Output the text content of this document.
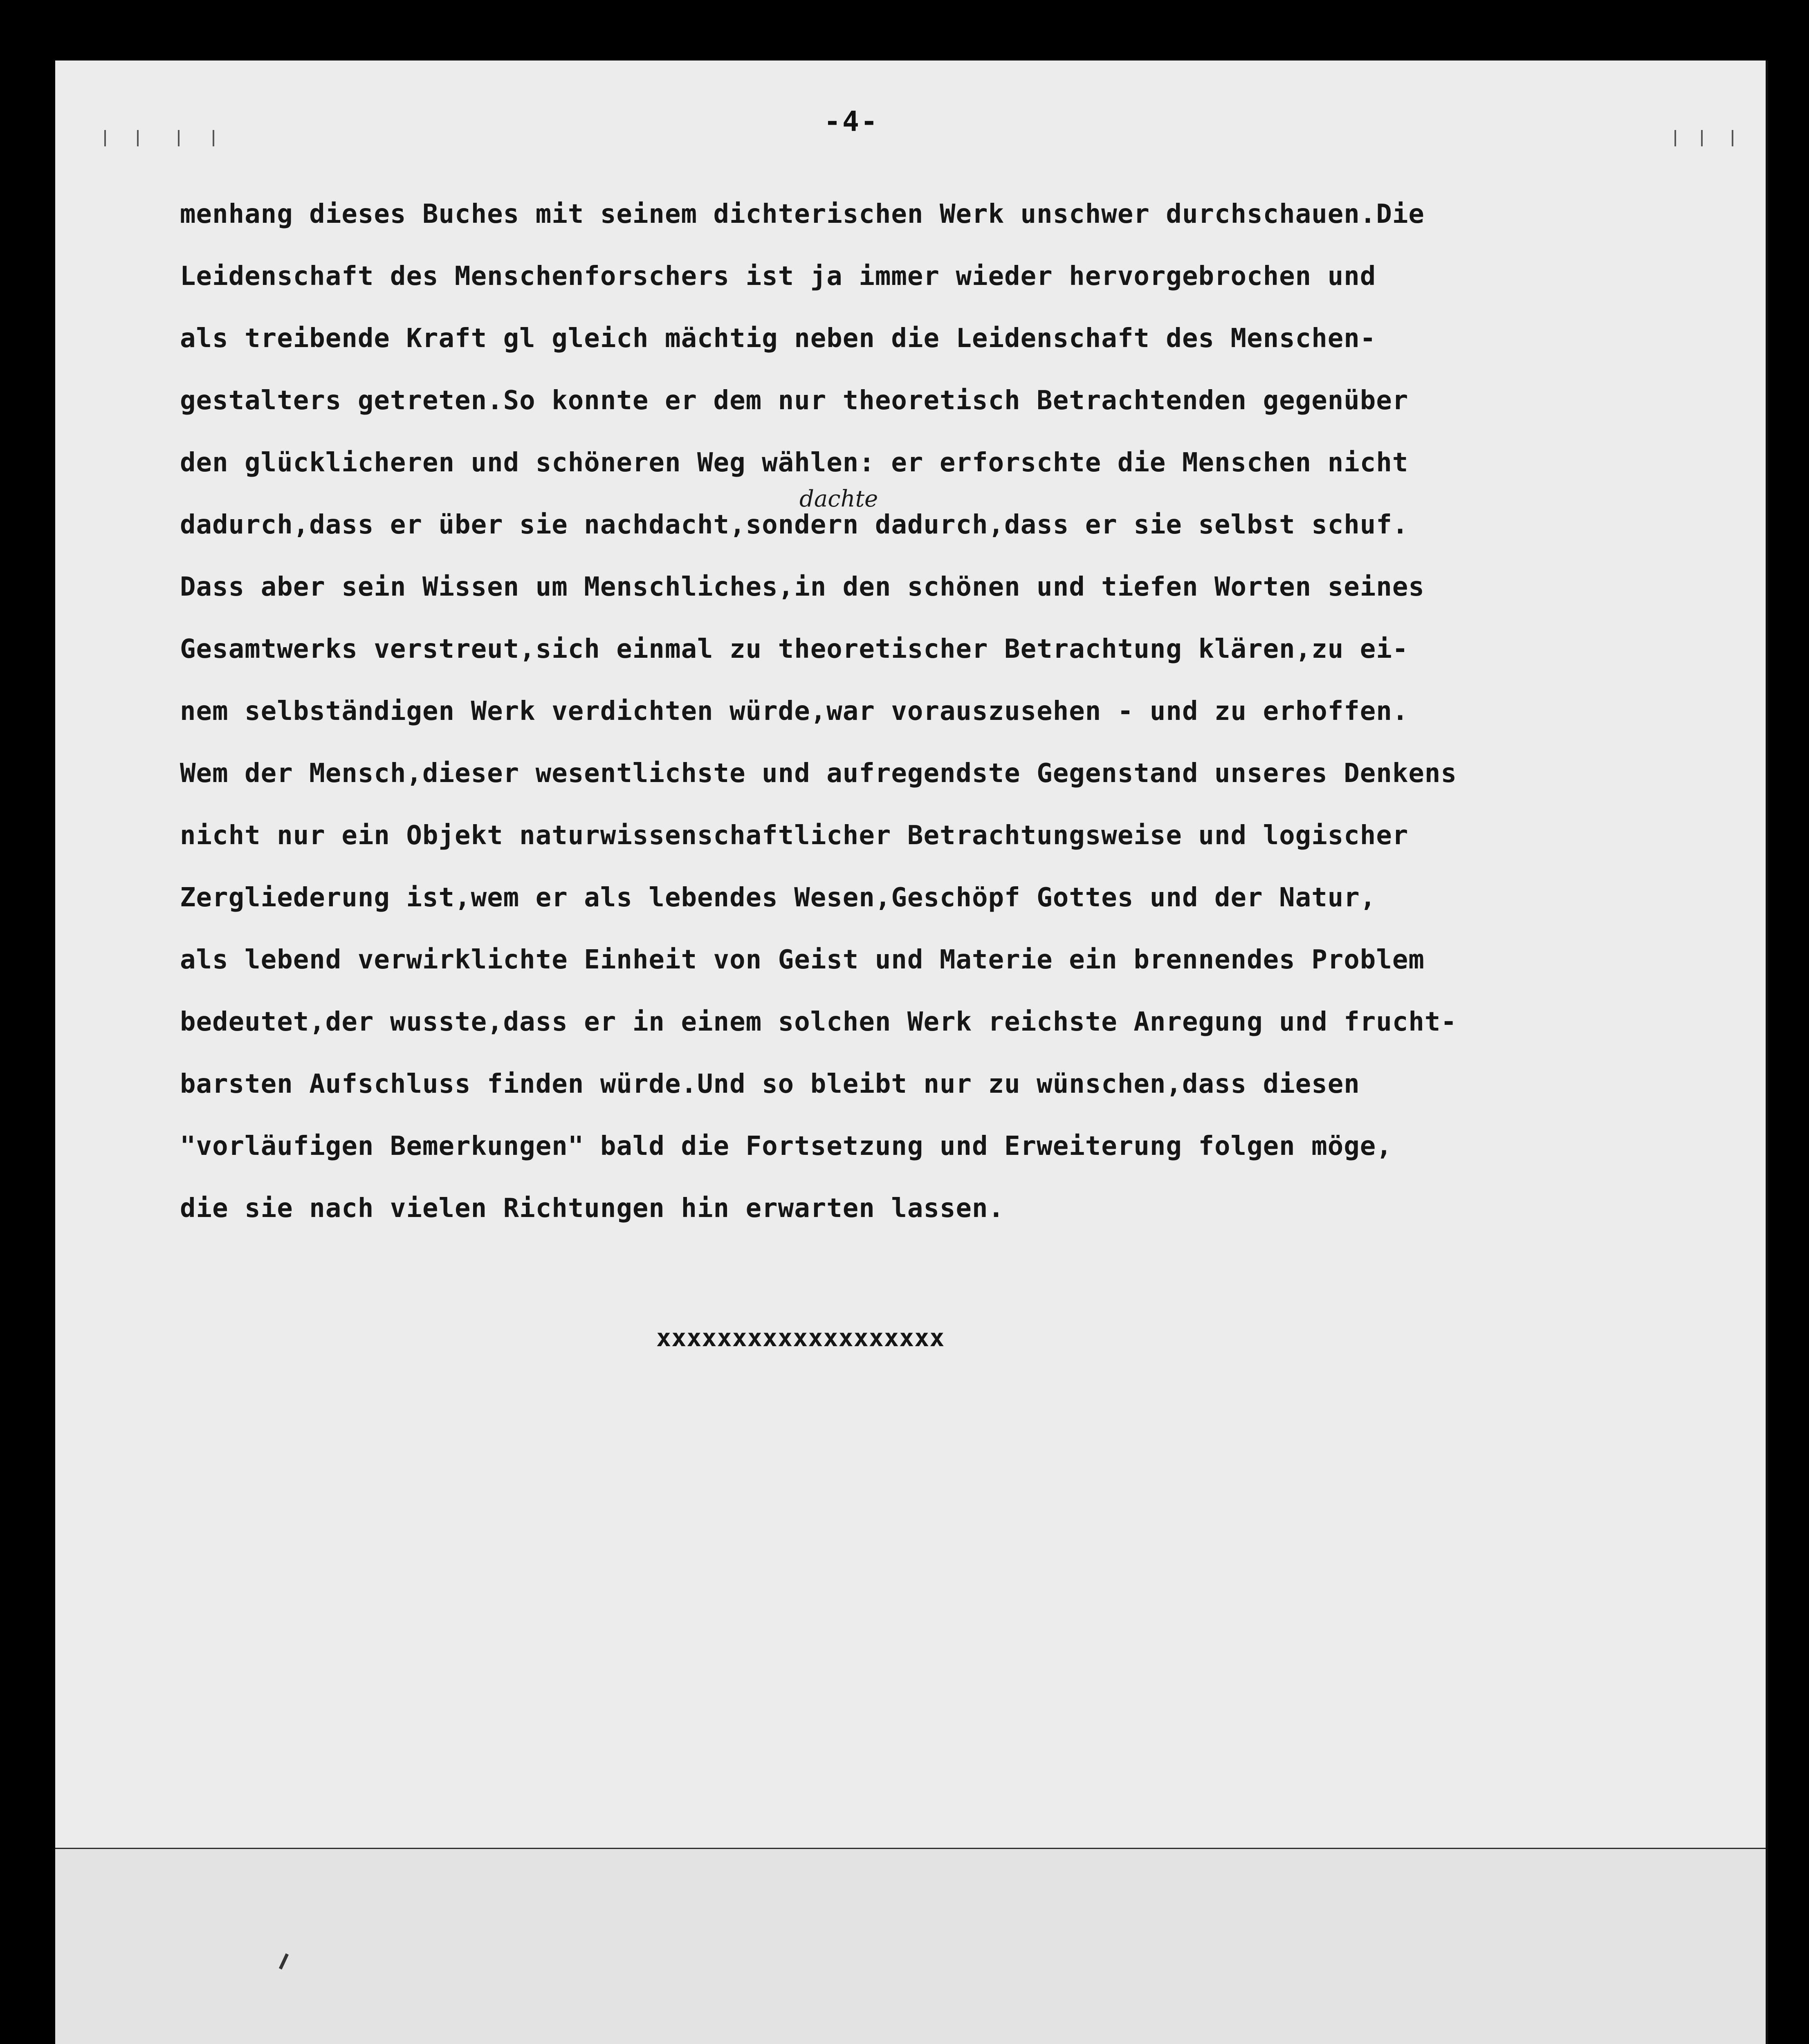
-4-
dachte
menhang dieses Buches mit seinem dichterischen Werk unschwer durchschauen.Die
Leidenschaft des Menschenforschers ist ja immer wieder hervorgebrochen und
als treibende Kraft gl gleich mächtig neben die Leidenschaft des Menschen-
gestalters getreten.So konnte er dem nur theoretisch Betrachtenden gegenüber
den glücklicheren und schöneren Weg wählen: er erforschte die Menschen nicht
dadurch,dass er über sie nachdacht,sondern dadurch,dass er sie selbst schuf.
Dass aber sein Wissen um Menschliches,in den schönen und tiefen Worten seines
Gesamtwerks verstreut,sich einmal zu theoretischer Betrachtung klären,zu ei-
nem selbständigen Werk verdichten würde,war vorauszusehen - und zu erhoffen.
Wem der Mensch,dieser wesentlichste und aufregendste Gegenstand unseres Denkens
nicht nur ein Objekt naturwissenschaftlicher Betrachtungsweise und logischer
Zergliederung ist,wem er als lebendes Wesen,Geschöpf Gottes und der Natur,
als lebend verwirklichte Einheit von Geist und Materie ein brennendes Problem
bedeutet,der wusste,dass er in einem solchen Werk reichste Anregung und frucht-
barsten Aufschluss finden würde.Und so bleibt nur zu wünschen,dass diesen
"vorläufigen Bemerkungen" bald die Fortsetzung und Erweiterung folgen möge,
die sie nach vielen Richtungen hin erwarten lassen.
xxxxxxxxxxxxxxxxxxx
